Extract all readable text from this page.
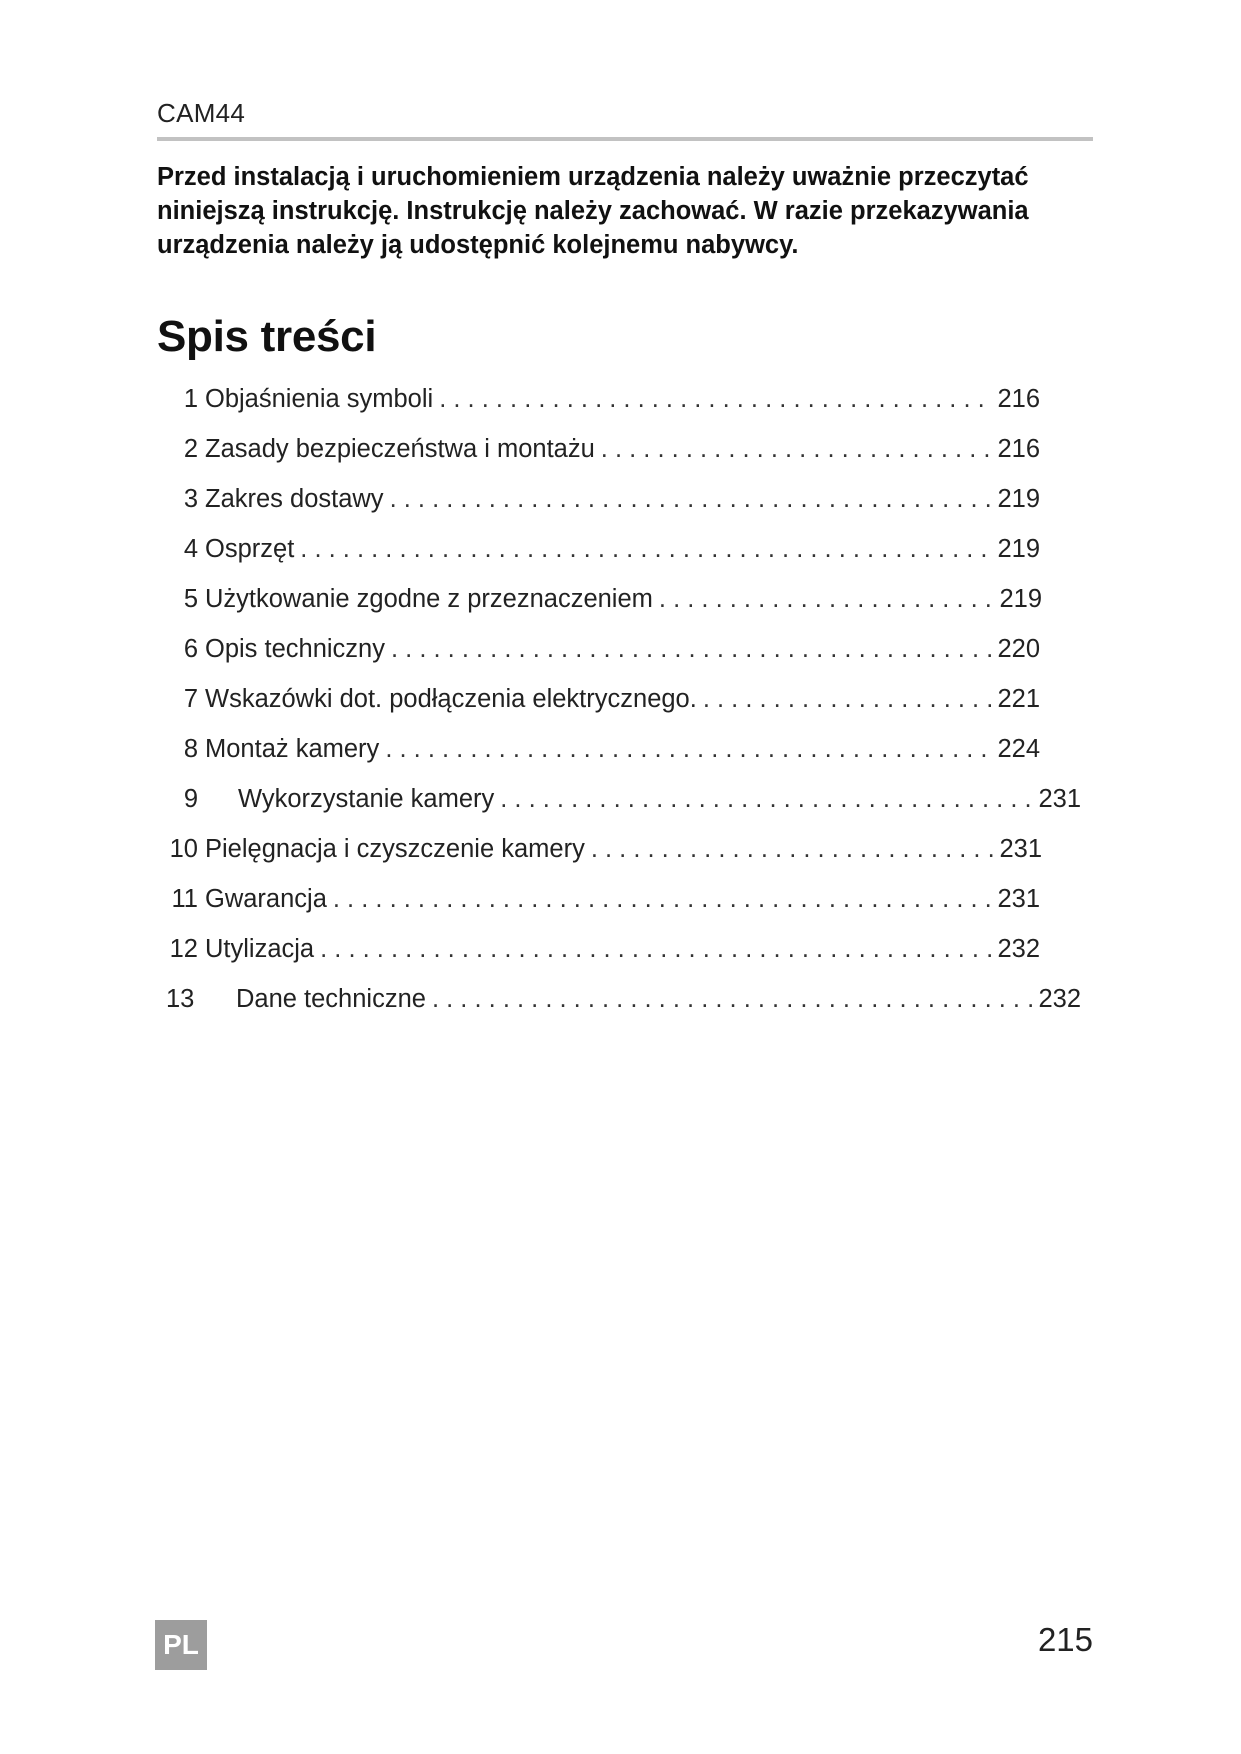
CAM44
Przed instalacją i uruchomieniem urządzenia należy uważnie przeczytać
niniejszą instrukcję. Instrukcję należy zachować. W razie przekazywania
urządzenia należy ją udostępnić kolejnemu nabywcy.
Spis treści
1 Objaśnienia symboli . . .	216
2 Zasady bezpieczeństwa i montażu . . .	216
3 Zakres dostawy . . .	219
4 Osprzęt . . .	219
5 Użytkowanie zgodne z przeznaczeniem . . .	219
6 Opis techniczny . . .	220
7 Wskazówki dot. podłączenia elektrycznego. . . .	221
8 Montaż kamery . . .	224
9 Wykorzystanie kamery . . .	231
10 Pielęgnacja i czyszczenie kamery . . .	231
11 Gwarancja . . .	231
12 Utylizacja . . .	232
13 Dane techniczne . . .	232
PL	215
